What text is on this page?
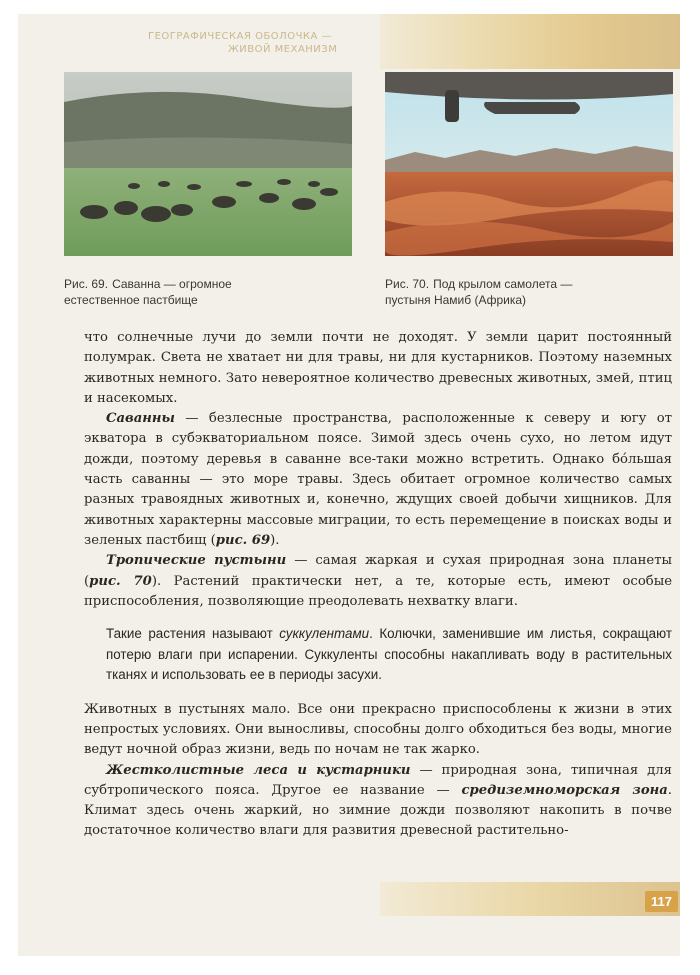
ГЕОГРАФИЧЕСКАЯ ОБОЛОЧКА —
ЖИВОЙ МЕХАНИЗМ
Рис. 69. Саванна — огромное
естественное пастбище
Рис. 70. Под крылом самолета —
пустыня Намиб (Африка)

что солнечные лучи до земли почти не доходят. У земли царит постоянный полумрак. Света не хватает ни для травы, ни для кустарников. Поэтому наземных животных немного. Зато невероятное количество древесных животных, змей, птиц и насекомых.

Саванны — безлесные пространства, расположенные к северу и югу от экватора в субэкваториальном поясе. Зимой здесь очень сухо, но летом идут дожди, поэтому деревья в саванне все-таки можно встретить. Однако бо́льшая часть саванны — это море травы. Здесь обитает огромное количество самых разных травоядных животных и, конечно, ждущих своей добычи хищников. Для животных характерны массовые миграции, то есть перемещение в поисках воды и зеленых пастбищ (рис. 69).

Тропические пустыни — самая жаркая и сухая природная зона планеты (рис. 70). Растений практически нет, а те, которые есть, имеют особые приспособления, позволяющие преодолевать нехватку влаги.

Такие растения называют суккулентами. Колючки, заменившие им листья, сокращают потерю влаги при испарении. Суккуленты способны накапливать воду в растительных тканях и использовать ее в периоды засухи.

Животных в пустынях мало. Все они прекрасно приспособлены к жизни в этих непростых условиях. Они выносливы, способны долго обходиться без воды, многие ведут ночной образ жизни, ведь по ночам не так жарко.

Жестколистные леса и кустарники — природная зона, типичная для субтропического пояса. Другое ее название — средиземноморская зона. Климат здесь очень жаркий, но зимние дожди позволяют накопить в почве достаточное количество влаги для развития древесной растительно-

117
